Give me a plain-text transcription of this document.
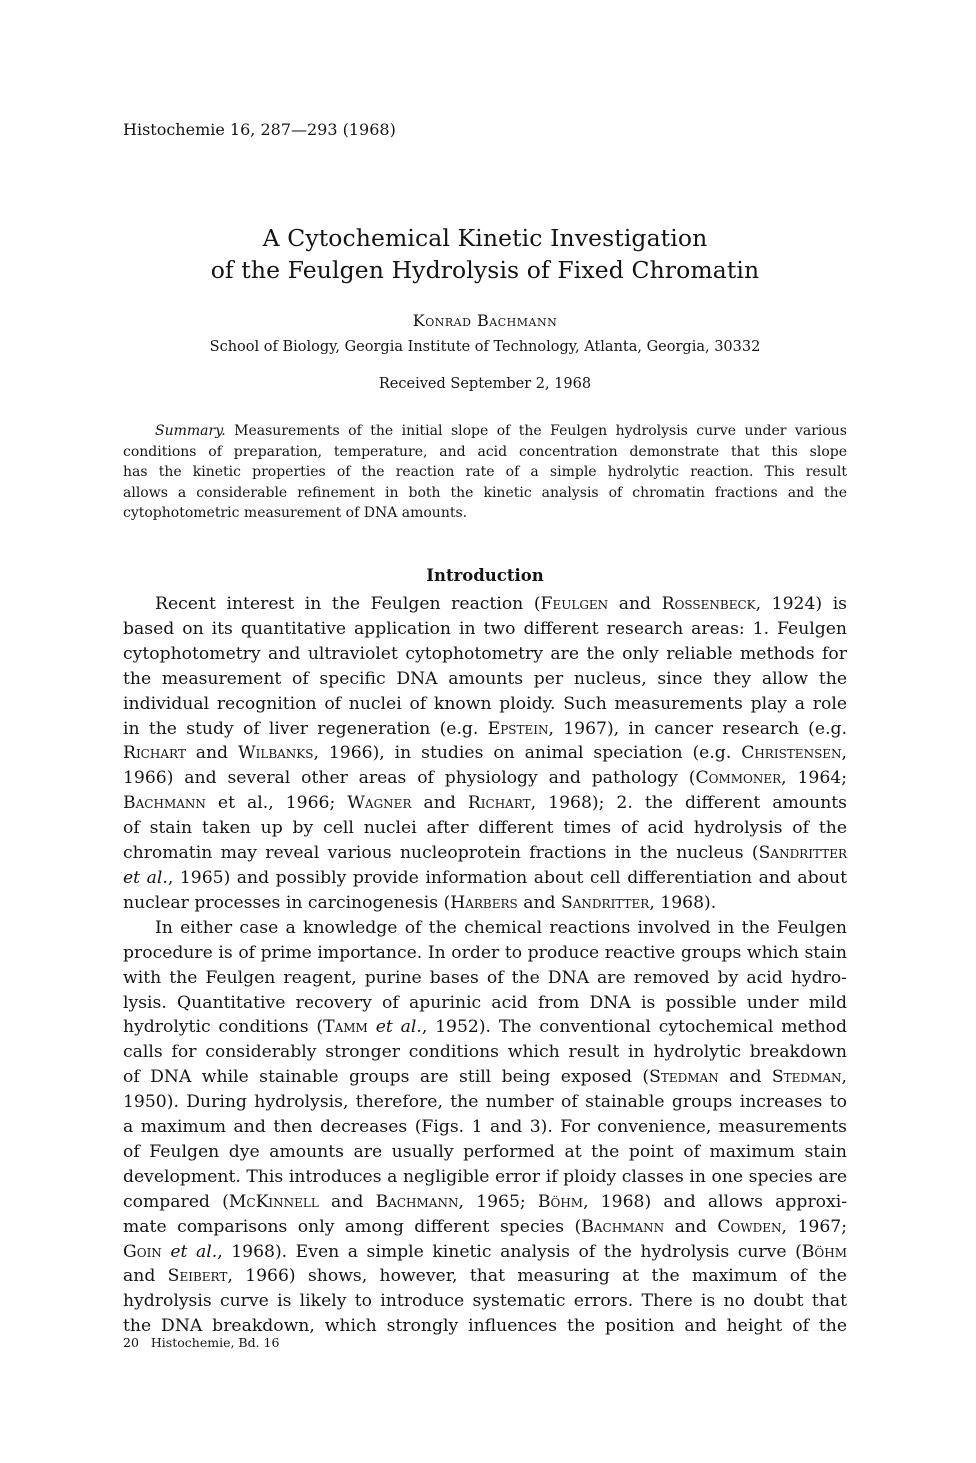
Histochemie 16, 287—293 (1968)
A Cytochemical Kinetic Investigation
of the Feulgen Hydrolysis of Fixed Chromatin
Konrad Bachmann
School of Biology, Georgia Institute of Technology, Atlanta, Georgia, 30332
Received September 2, 1968
Summary. Measurements of the initial slope of the Feulgen hydrolysis curve under various
conditions of preparation, temperature, and acid concentration demonstrate that this slope
has the kinetic properties of the reaction rate of a simple hydrolytic reaction. This result
allows a considerable refinement in both the kinetic analysis of chromatin fractions and the
cytophotometric measurement of DNA amounts.
Introduction
Recent interest in the Feulgen reaction (Feulgen and Rossenbeck, 1924) is
based on its quantitative application in two different research areas: 1. Feulgen
cytophotometry and ultraviolet cytophotometry are the only reliable methods for
the measurement of specific DNA amounts per nucleus, since they allow the
individual recognition of nuclei of known ploidy. Such measurements play a role
in the study of liver regeneration (e.g. Epstein, 1967), in cancer research (e.g.
Richart and Wilbanks, 1966), in studies on animal speciation (e.g. Christensen,
1966) and several other areas of physiology and pathology (Commoner, 1964;
Bachmann et al., 1966; Wagner and Richart, 1968); 2. the different amounts
of stain taken up by cell nuclei after different times of acid hydrolysis of the
chromatin may reveal various nucleoprotein fractions in the nucleus (Sandritter
et al., 1965) and possibly provide information about cell differentiation and about
nuclear processes in carcinogenesis (Harbers and Sandritter, 1968).
In either case a knowledge of the chemical reactions involved in the Feulgen
procedure is of prime importance. In order to produce reactive groups which stain
with the Feulgen reagent, purine bases of the DNA are removed by acid hydro-
lysis. Quantitative recovery of apurinic acid from DNA is possible under mild
hydrolytic conditions (Tamm et al., 1952). The conventional cytochemical method
calls for considerably stronger conditions which result in hydrolytic breakdown
of DNA while stainable groups are still being exposed (Stedman and Stedman,
1950). During hydrolysis, therefore, the number of stainable groups increases to
a maximum and then decreases (Figs. 1 and 3). For convenience, measurements
of Feulgen dye amounts are usually performed at the point of maximum stain
development. This introduces a negligible error if ploidy classes in one species are
compared (McKinnell and Bachmann, 1965; Böhm, 1968) and allows approxi-
mate comparisons only among different species (Bachmann and Cowden, 1967;
Goin et al., 1968). Even a simple kinetic analysis of the hydrolysis curve (Böhm
and Seibert, 1966) shows, however, that measuring at the maximum of the
hydrolysis curve is likely to introduce systematic errors. There is no doubt that
the DNA breakdown, which strongly influences the position and height of the
20 Histochemie, Bd. 16
